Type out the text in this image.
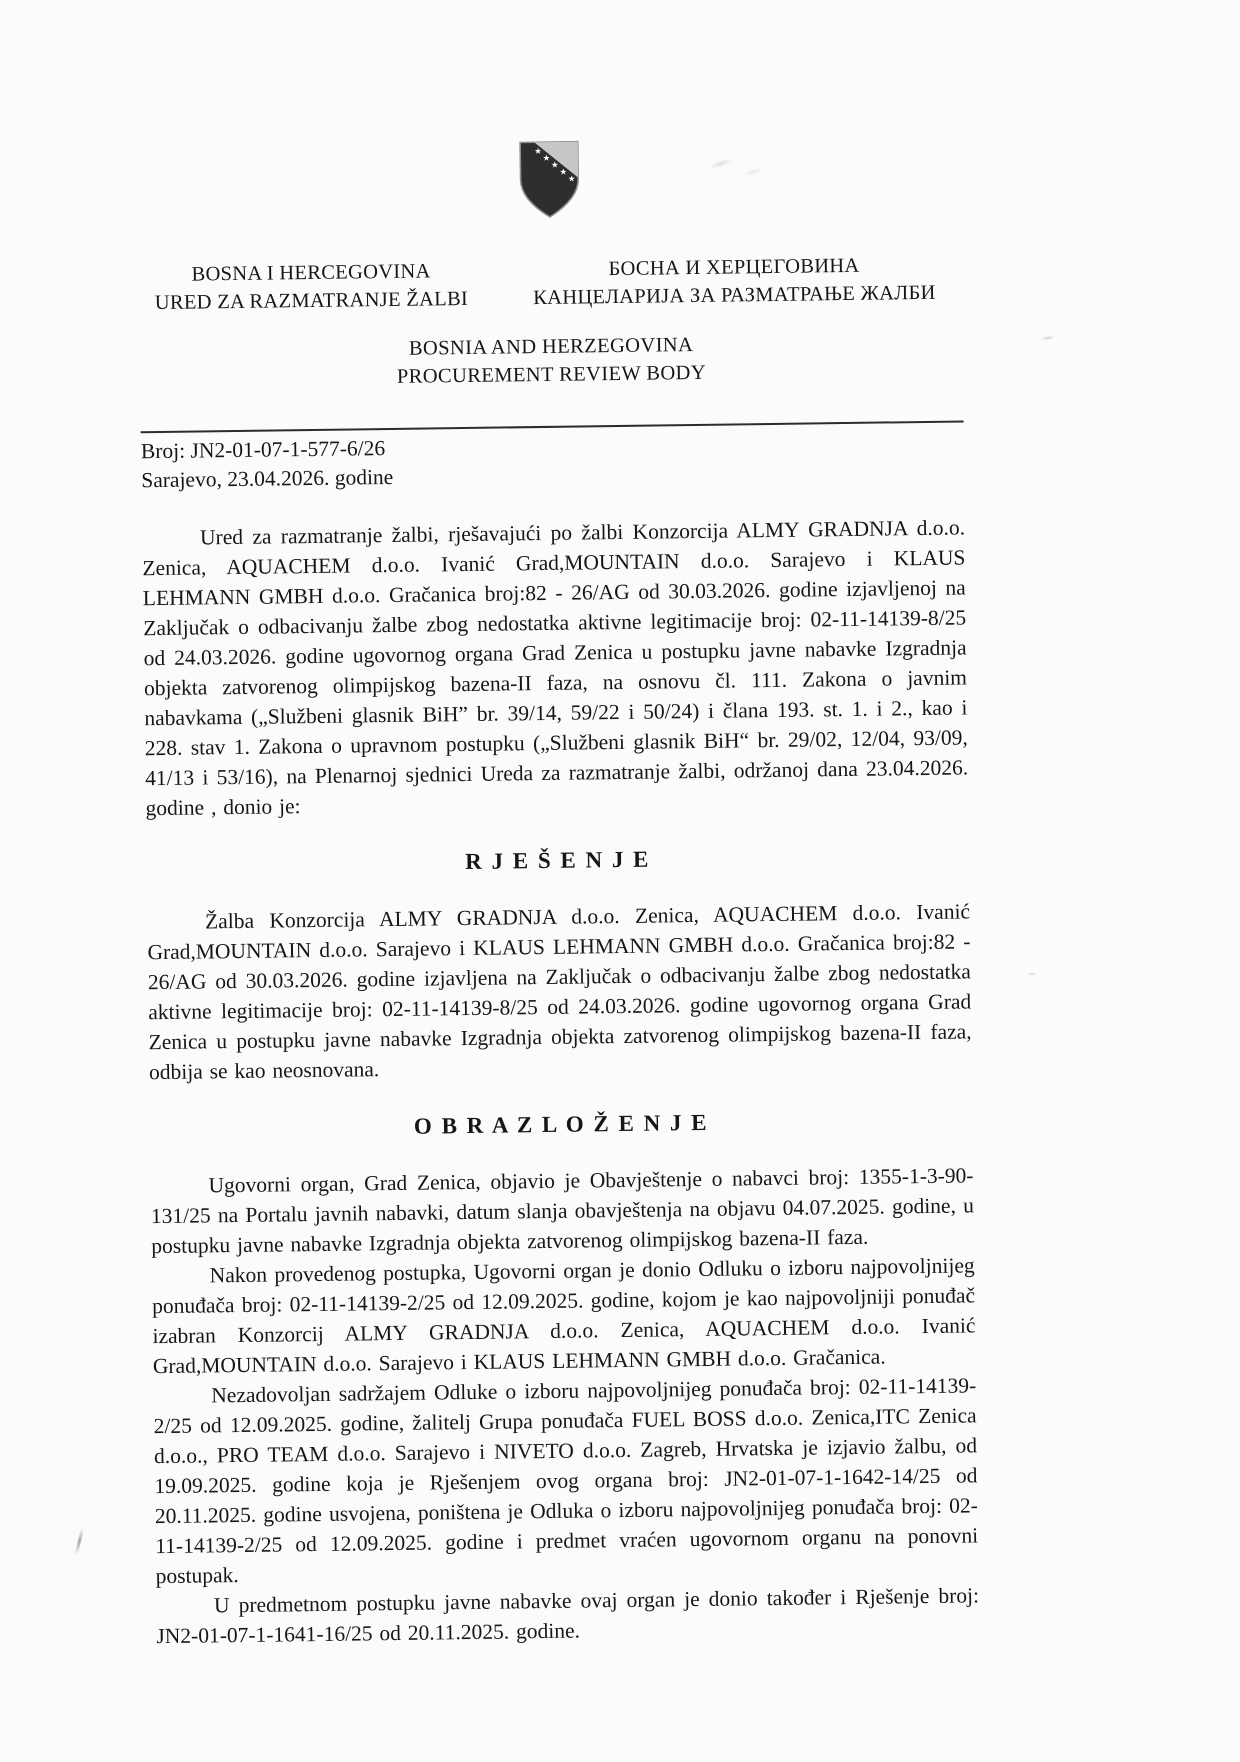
★
★
★
★
★
BOSNA I HERCEGOVINA
URED ZA RAZMATRANJE ŽALBI
БОСНА И ХЕРЦЕГОВИНА
КАНЦЕЛАРИЈА ЗА РАЗМАТРАЊЕ ЖАЛБИ
BOSNIA AND HERZEGOVINA
PROCUREMENT REVIEW BODY
Broj: JN2-01-07-1-577-6/26
Sarajevo, 23.04.2026. godine

Ured za razmatranje žalbi, rješavajući po žalbi Konzorcija ALMY GRADNJA d.o.o. Zenica, AQUACHEM d.o.o. Ivanić Grad,MOUNTAIN d.o.o. Sarajevo i KLAUS LEHMANN GMBH d.o.o. Gračanica broj:82 - 26/AG od 30.03.2026. godine izjavljenoj na Zaključak o odbacivanju žalbe zbog nedostatka aktivne legitimacije broj: 02-11-14139-8/25 od 24.03.2026. godine ugovornog organa Grad Zenica u postupku javne nabavke Izgradnja objekta zatvorenog olimpijskog bazena-II faza, na osnovu čl. 111. Zakona o javnim nabavkama („Službeni glasnik BiH” br. 39/14, 59/22 i 50/24) i člana 193. st. 1. i 2., kao i 228. stav 1. Zakona o upravnom postupku („Službeni glasnik BiH“ br. 29/02, 12/04, 93/09, 41/13 i 53/16), na Plenarnoj sjednici Ureda za razmatranje žalbi, održanoj dana 23.04.2026. godine , donio je:

R J E Š E N J E

Žalba Konzorcija ALMY GRADNJA d.o.o. Zenica, AQUACHEM d.o.o. Ivanić Grad,MOUNTAIN d.o.o. Sarajevo i KLAUS LEHMANN GMBH d.o.o. Gračanica broj:82 - 26/AG od 30.03.2026. godine izjavljena na Zaključak o odbacivanju žalbe zbog nedostatka aktivne legitimacije broj: 02-11-14139-8/25 od 24.03.2026. godine ugovornog organa Grad Zenica u postupku javne nabavke Izgradnja objekta zatvorenog olimpijskog bazena-II faza, odbija se kao neosnovana.

O B R A Z L O Ž E N J E

Ugovorni organ, Grad Zenica, objavio je Obavještenje o nabavci broj: 1355-1-3-90-131/25 na Portalu javnih nabavki, datum slanja obavještenja na objavu 04.07.2025. godine, u postupku javne nabavke Izgradnja objekta zatvorenog olimpijskog bazena-II faza.

Nakon provedenog postupka, Ugovorni organ je donio Odluku o izboru najpovoljnijeg ponuđača broj: 02-11-14139-2/25 od 12.09.2025. godine, kojom je kao najpovoljniji ponuđač izabran Konzorcij ALMY GRADNJA d.o.o. Zenica, AQUACHEM d.o.o. Ivanić Grad,MOUNTAIN d.o.o. Sarajevo i KLAUS LEHMANN GMBH d.o.o. Gračanica.

Nezadovoljan sadržajem Odluke o izboru najpovoljnijeg ponuđača broj: 02-11-14139-2/25 od 12.09.2025. godine, žalitelj Grupa ponuđača FUEL BOSS d.o.o. Zenica,ITC Zenica d.o.o., PRO TEAM d.o.o. Sarajevo i NIVETO d.o.o. Zagreb, Hrvatska je izjavio žalbu, od 19.09.2025. godine koja je Rješenjem ovog organa broj: JN2-01-07-1-1642-14/25 od 20.11.2025. godine usvojena, poništena je Odluka o izboru najpovoljnijeg ponuđača broj: 02-11-14139-2/25 od 12.09.2025. godine i predmet vraćen ugovornom organu na ponovni postupak.

U predmetnom postupku javne nabavke ovaj organ je donio također i Rješenje broj: JN2-01-07-1-1641-16/25 od 20.11.2025. godine.
